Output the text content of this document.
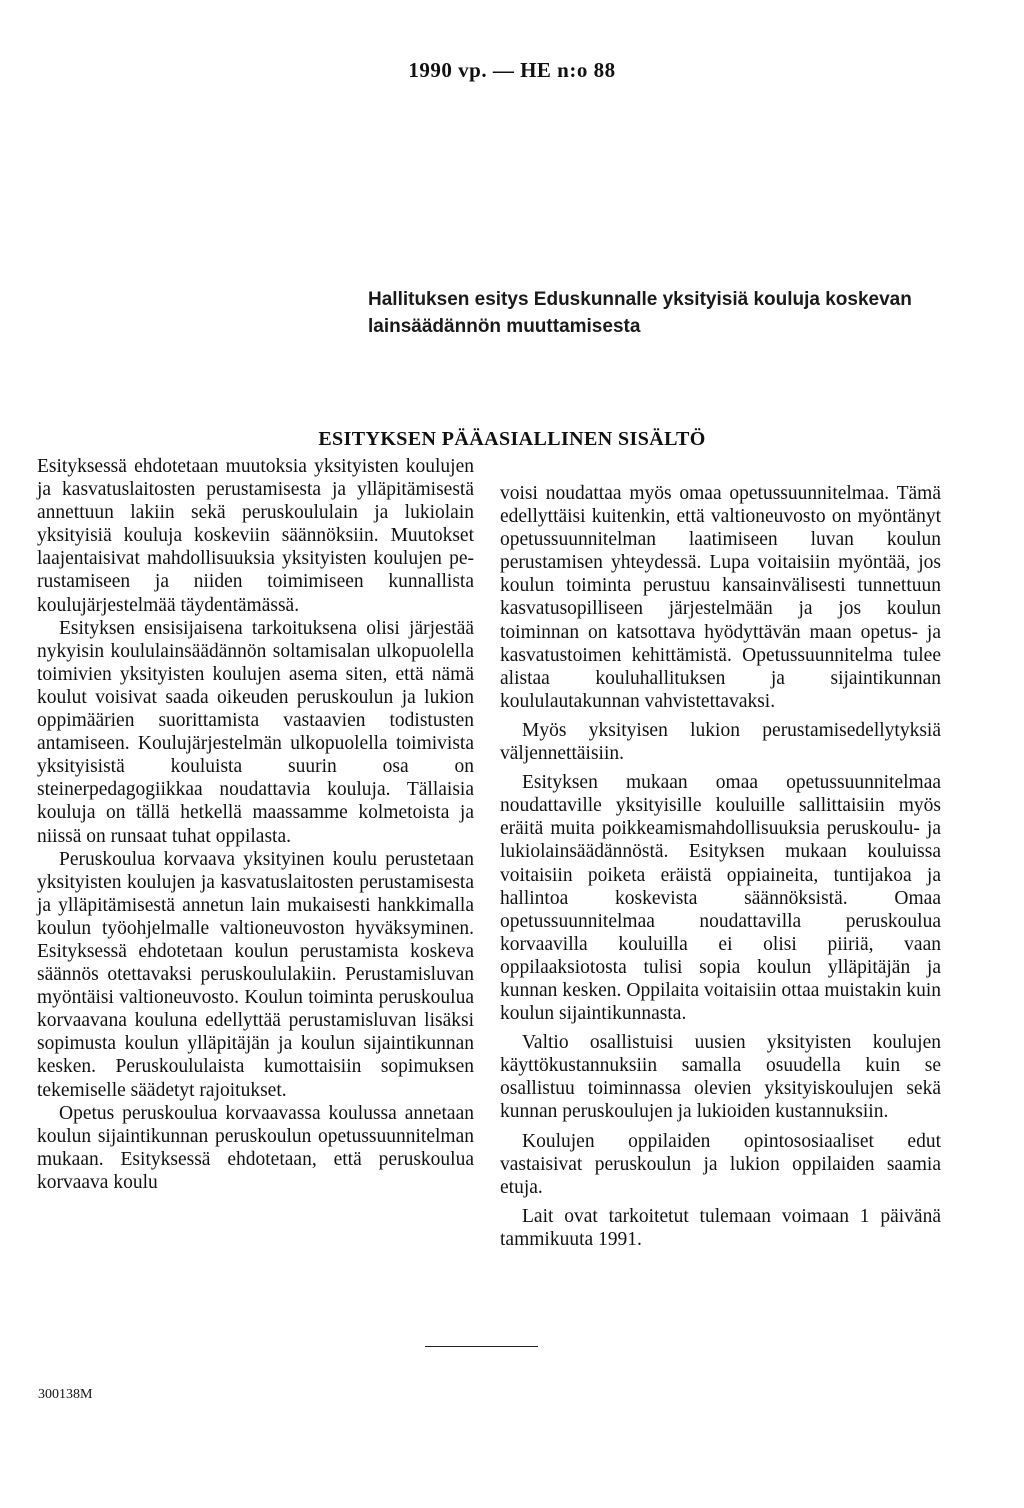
1990 vp. — HE n:o 88
Hallituksen esitys Eduskunnalle yksityisiä kouluja koskevan lainsäädännön muuttamisesta
ESITYKSEN PÄÄASIALLINEN SISÄLTÖ

Esityksessä ehdotetaan muutoksia yksityisten koulujen ja kasvatuslaitosten perustamisesta ja ylläpitämisestä annettuun lakiin sekä peruskoululain ja lukiolain yksityisiä kouluja koskeviin säännöksiin. Muutokset laajentaisivat mahdollisuuksia yksityisten koulujen perustamiseen ja niiden toimimiseen kunnallista koulujärjestelmää täydentämässä.

Esityksen ensisijaisena tarkoituksena olisi järjestää nykyisin koululainsäädännön soltamisalan ulkopuolella toimivien yksityisten koulujen asema siten, että nämä koulut voisivat saada oikeuden peruskoulun ja lukion oppimäärien suorittamista vastaavien todistusten antamiseen. Koulujärjestelmän ulkopuolella toimivista yksityisistä kouluista suurin osa on steinerpedagogiikkaa noudattavia kouluja. Tällaisia kouluja on tällä hetkellä maassamme kolmetoista ja niissä on runsaat tuhat oppilasta.

Peruskoulua korvaava yksityinen koulu perustetaan yksityisten koulujen ja kasvatuslaitosten perustamisesta ja ylläpitämisestä annetun lain mukaisesti hankkimalla koulun työohjelmalle valtioneuvoston hyväksyminen. Esityksessä ehdotetaan koulun perustamista koskeva säännös otettavaksi peruskoululakiin. Perustamisluvan myöntäisi valtioneuvosto. Koulun toiminta peruskoulua korvaavana kouluna edellyttää perustamisluvan lisäksi sopimusta koulun ylläpitäjän ja koulun sijaintikunnan kesken. Peruskoululaista kumottaisiin sopimuksen tekemiselle säädetyt rajoitukset.

Opetus peruskoulua korvaavassa koulussa annetaan koulun sijaintikunnan peruskoulun opetussuunnitelman mukaan. Esityksessä ehdotetaan, että peruskoulua korvaava koulu

voisi noudattaa myös omaa opetussuunnitelmaa. Tämä edellyttäisi kuitenkin, että valtioneuvosto on myöntänyt opetussuunnitelman laatimiseen luvan koulun perustamisen yhteydessä. Lupa voitaisiin myöntää, jos koulun toiminta perustuu kansainvälisesti tunnettuun kasvatusopilliseen järjestelmään ja jos koulun toiminnan on katsottava hyödyttävän maan opetus- ja kasvatustoimen kehittämistä. Opetussuunnitelma tulee alistaa kouluhallituksen ja sijaintikunnan koululautakunnan vahvistettavaksi.

Myös yksityisen lukion perustamisedellytyksiä väljennettäisiin.

Esityksen mukaan omaa opetussuunnitelmaa noudattaville yksityisille kouluille sallittaisiin myös eräitä muita poikkeamismahdollisuuksia peruskoulu- ja lukiolainsäädännöstä. Esityksen mukaan kouluissa voitaisiin poiketa eräistä oppiaineita, tuntijakoa ja hallintoa koskevista säännöksistä. Omaa opetussuunnitelmaa noudattavilla peruskoulua korvaavilla kouluilla ei olisi piiriä, vaan oppilaaksiotosta tulisi sopia koulun ylläpitäjän ja kunnan kesken. Oppilaita voitaisiin ottaa muistakin kuin koulun sijaintikunnasta.

Valtio osallistuisi uusien yksityisten koulujen käyttökustannuksiin samalla osuudella kuin se osallistuu toiminnassa olevien yksityiskoulujen sekä kunnan peruskoulujen ja lukioiden kustannuksiin.

Koulujen oppilaiden opintososiaaliset edut vastaisivat peruskoulun ja lukion oppilaiden saamia etuja.

Lait ovat tarkoitetut tulemaan voimaan 1 päivänä tammikuuta 1991.

300138M
